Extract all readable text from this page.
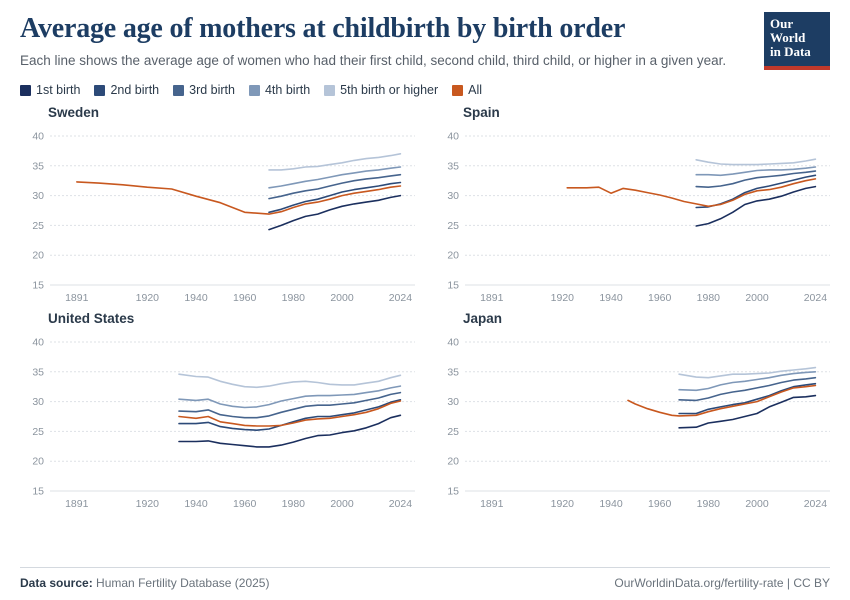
Our World
in Data
Average age of mothers at childbirth by birth order
Each line shows the average age of women who had their first child, second child, third child, or higher in a given year.
1st birth 2nd birth 3rd birth 4th birth 5th birth or higher All
Sweden
15
20
25
30
35
40
1891	1920 1940 1960 1980 2000	2024
Spain
15
20
25
30
35
40
1891	1920 1940 1960 1980 2000	2024
United States
15
20
25
30
35
40
1891	1920 1940 1960 1980 2000	2024
Japan
15
20
25
30
35
40
1891	1920 1940 1960 1980 2000	2024
Data source: Human Fertility Database (2025)	OurWorldinData.org/fertility-rate | CC BY
